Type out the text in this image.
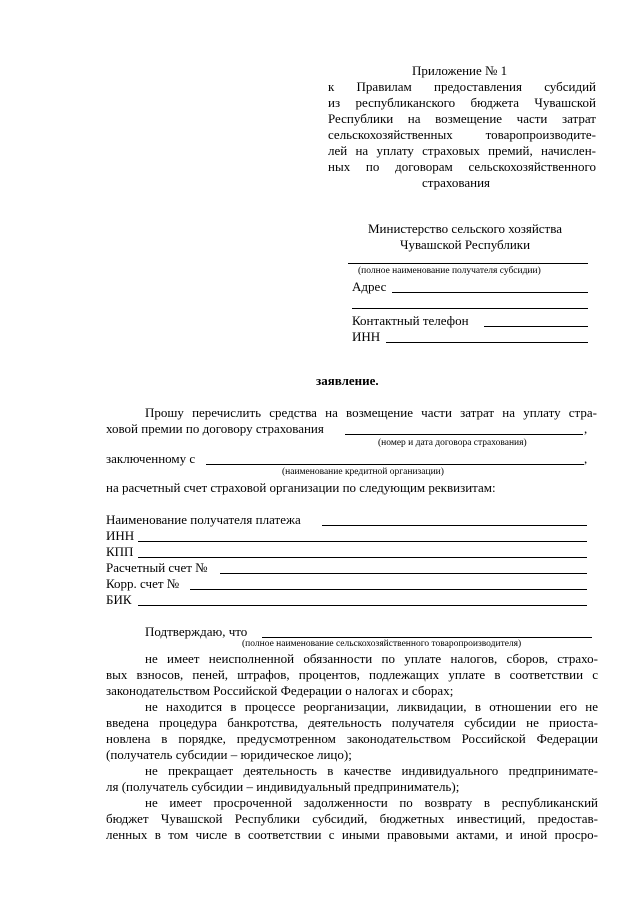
Приложение № 1
к Правилам предоставления субсидий
из республиканского бюджета Чувашской
Республики на возмещение части затрат
сельскохозяйственных товаропроизводите-
лей на уплату страховых премий, начислен-
ных по договорам сельскохозяйственного
страхования
Министерство сельского хозяйства
Чувашской Республики
(полное наименование получателя субсидии)
Адрес
Контактный телефон
ИНН
заявление.
Прошу перечислить средства на возмещение части затрат на уплату стра-
ховой премии по договору страхования	,
(номер и дата договора страхования)
заключенному с	,
(наименование кредитной организации)
на расчетный счет страховой организации по следующим реквизитам:
Наименование получателя платежа
ИНН
КПП
Расчетный счет №
Корр. счет №
БИК
Подтверждаю, что
(полное наименование сельскохозяйственного товаропроизводителя)
не имеет неисполненной обязанности по уплате налогов, сборов, страхо-
вых взносов, пеней, штрафов, процентов, подлежащих уплате в соответствии с
законодательством Российской Федерации о налогах и сборах;
не находится в процессе реорганизации, ликвидации, в отношении его не
введена процедура банкротства, деятельность получателя субсидии не приоста-
новлена в порядке, предусмотренном законодательством Российской Федерации
(получатель субсидии – юридическое лицо);
не прекращает деятельность в качестве индивидуального предпринимате-
ля (получатель субсидии – индивидуальный предприниматель);
не имеет просроченной задолженности по возврату в республиканский
бюджет Чувашской Республики субсидий, бюджетных инвестиций, предостав-
ленных в том числе в соответствии с иными правовыми актами, и иной просро-
